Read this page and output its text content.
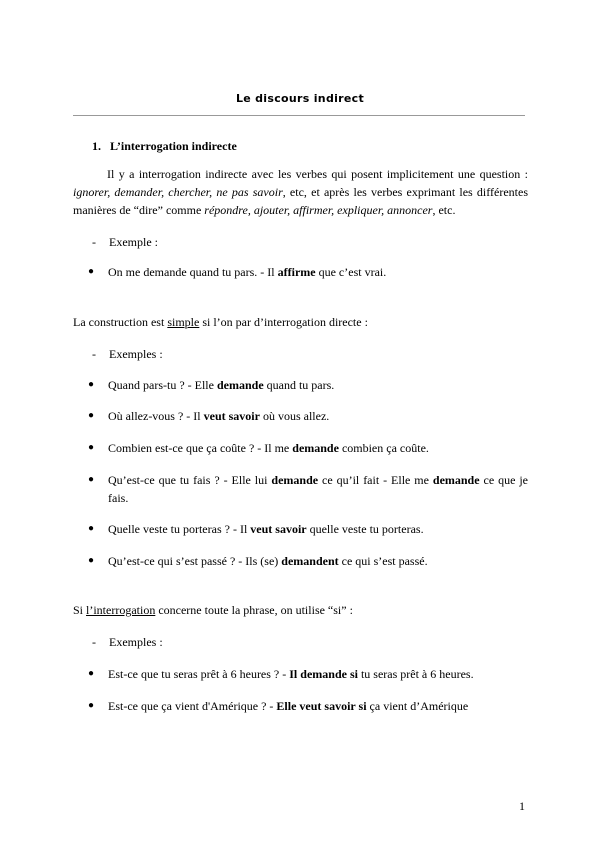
Le discours indirect
1. L’interrogation indirecte
Il y a interrogation indirecte avec les verbes qui posent implicitement une question : ignorer, demander, chercher, ne pas savoir, etc, et après les verbes exprimant les différentes manières de “dire” comme répondre, ajouter, affirmer, expliquer, annoncer, etc.
- Exemple :
● On me demande quand tu pars. - Il affirme que c’est vrai.
La construction est simple si l’on par d’interrogation directe :
- Exemples :
● Quand pars-tu ? - Elle demande quand tu pars.
● Où allez-vous ? - Il veut savoir où vous allez.
● Combien est-ce que ça coûte ? - Il me demande combien ça coûte.
● Qu’est-ce que tu fais ? - Elle lui demande ce qu’il fait - Elle me demande ce que je fais.
● Quelle veste tu porteras ? - Il veut savoir quelle veste tu porteras.
● Qu’est-ce qui s’est passé ? - Ils (se) demandent ce qui s’est passé.
Si l’interrogation concerne toute la phrase, on utilise “si” :
- Exemples :
● Est-ce que tu seras prêt à 6 heures ? - Il demande si tu seras prêt à 6 heures.
● Est-ce que ça vient d'Amérique ? - Elle veut savoir si ça vient d’Amérique
1
